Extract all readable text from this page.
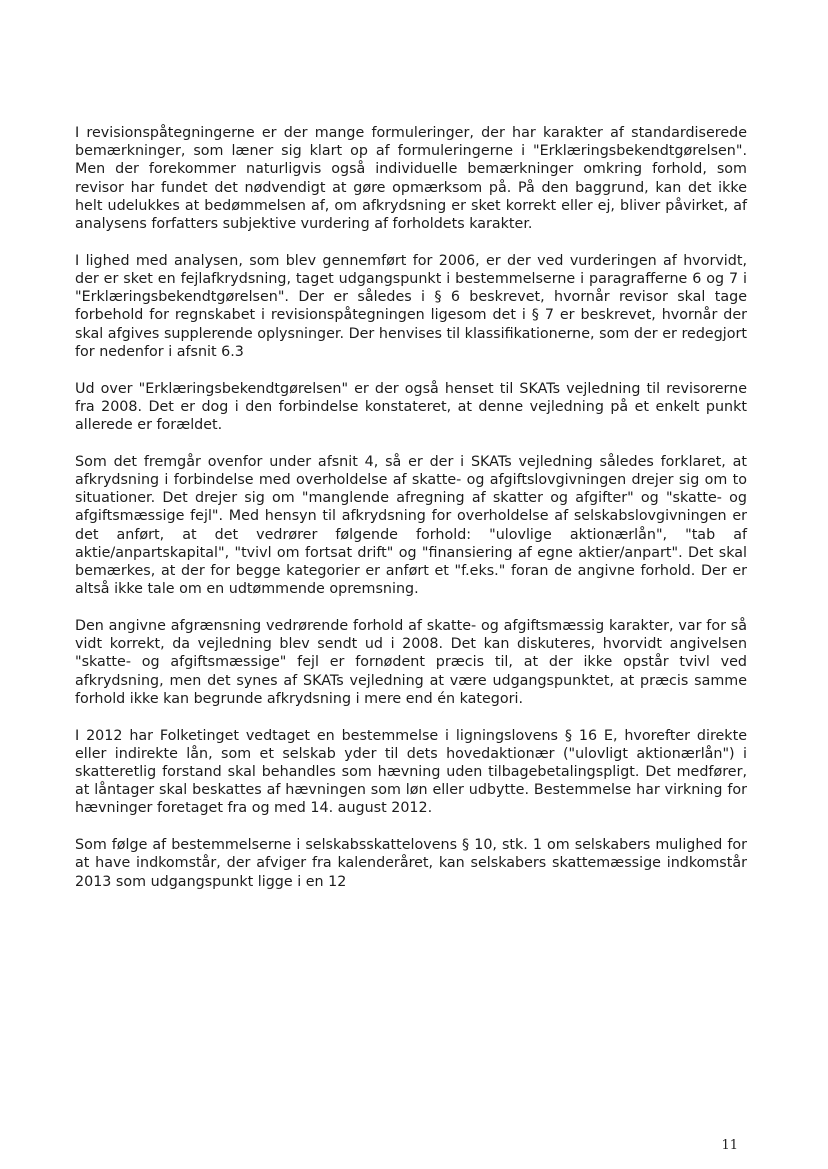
I revisionspåtegningerne er der mange formuleringer, der har karakter af standardiserede bemærkninger, som læner sig klart op af formuleringerne i "Erklæringsbekendtgørelsen". Men der forekommer naturligvis også individuelle bemærkninger omkring forhold, som revisor har fundet det nødvendigt at gøre opmærksom på. På den baggrund, kan det ikke helt udelukkes at bedømmelsen af, om afkrydsning er sket korrekt eller ej, bliver påvirket, af analysens forfatters subjektive vurdering af forholdets karakter.

I lighed med analysen, som blev gennemført for 2006, er der ved vurderingen af hvorvidt, der er sket en fejlafkrydsning, taget udgangspunkt i bestemmelserne i paragrafferne 6 og 7 i "Erklæringsbekendtgørelsen". Der er således i § 6 beskrevet, hvornår revisor skal tage forbehold for regnskabet i revisionspåtegningen ligesom det i § 7 er beskrevet, hvornår der skal afgives supplerende oplysninger. Der henvises til klassifikationerne, som der er redegjort for nedenfor i afsnit 6.3

Ud over "Erklæringsbekendtgørelsen" er der også henset til SKATs vejledning til revisorerne fra 2008. Det er dog i den forbindelse konstateret, at denne vejledning på et enkelt punkt allerede er forældet.

Som det fremgår ovenfor under afsnit 4, så er der i SKATs vejledning således forklaret, at afkrydsning i forbindelse med overholdelse af skatte- og afgiftslovgivningen drejer sig om to situationer. Det drejer sig om "manglende afregning af skatter og afgifter" og "skatte- og afgiftsmæssige fejl". Med hensyn til afkrydsning for overholdelse af selskabslovgivningen er det anført, at det vedrører følgende forhold: "ulovlige aktionærlån", "tab af aktie/anpartskapital", "tvivl om fortsat drift" og "finansiering af egne aktier/anpart". Det skal bemærkes, at der for begge kategorier er anført et "f.eks." foran de angivne forhold. Der er altså ikke tale om en udtømmende opremsning.

Den angivne afgrænsning vedrørende forhold af skatte- og afgiftsmæssig karakter, var for så vidt korrekt, da vejledning blev sendt ud i 2008. Det kan diskuteres, hvorvidt angivelsen "skatte- og afgiftsmæssige" fejl er fornødent præcis til, at der ikke opstår tvivl ved afkrydsning, men det synes af SKATs vejledning at være udgangspunktet, at præcis samme forhold ikke kan begrunde afkrydsning i mere end én kategori.

I 2012 har Folketinget vedtaget en bestemmelse i ligningslovens § 16 E, hvorefter direkte eller indirekte lån, som et selskab yder til dets hovedaktionær ("ulovligt aktionærlån") i skatteretlig forstand skal behandles som hævning uden tilbagebetalingspligt. Det medfører, at låntager skal beskattes af hævningen som løn eller udbytte. Bestemmelse har virkning for hævninger foretaget fra og med 14. august 2012.

Som følge af bestemmelserne i selskabsskattelovens § 10, stk. 1 om selskabers mulighed for at have indkomstår, der afviger fra kalenderåret, kan selskabers skattemæssige indkomstår 2013 som udgangspunkt ligge i en 12

11
